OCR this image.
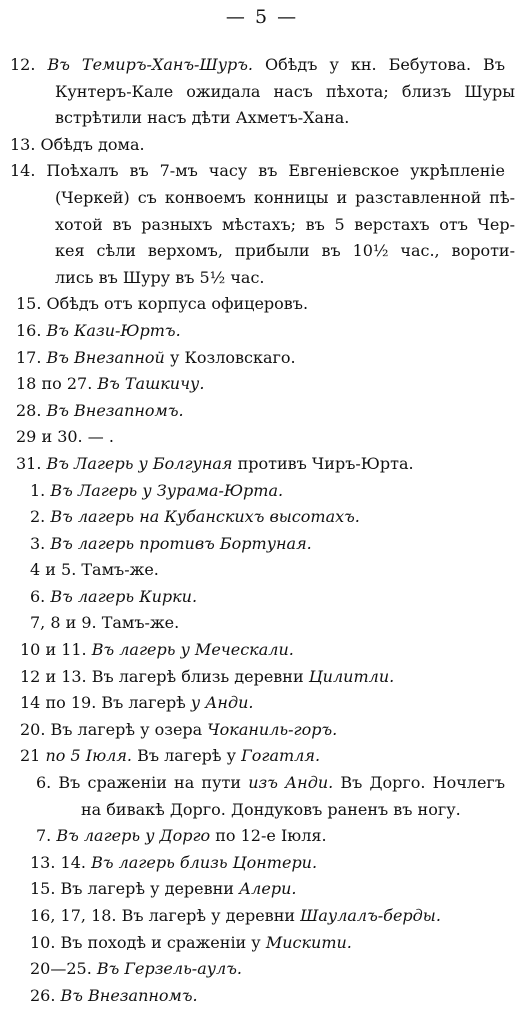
— 5 —
12. Въ Темиръ-Ханъ-Шуръ. Обѣдъ у кн. Бебутова. Въ
Кунтеръ-Кале ожидала насъ пѣхота; близъ Шуры
встрѣтили насъ дѣти Ахметъ-Хана.
13. Обѣдъ дома.
14. Поѣхалъ въ 7-мъ часу въ Евгеніевское укрѣпленіе
(Черкей) съ конвоемъ конницы и разставленной пѣ-
хотой въ разныхъ мѣстахъ; въ 5 верстахъ отъ Чер-
кея сѣли верхомъ, прибыли въ 10½ час., вороти-
лись въ Шуру въ 5½ час.
15. Обѣдъ отъ корпуса офицеровъ.
16. Въ Кази-Юртъ.
17. Въ Внезапной у Козловскаго.
18 по 27. Въ Ташкичу.
28. Въ Внезапномъ.
29 и 30. — .
31. Въ Лагерь у Болгуная противъ Чиръ-Юрта.
1. Въ Лагерь у Зурама-Юрта.
2. Въ лагерь на Кубанскихъ высотахъ.
3. Въ лагерь противъ Бортуная.
4 и 5. Тамъ-же.
6. Въ лагерь Кирки.
7, 8 и 9. Тамъ-же.
10 и 11. Въ лагерь у Меческали.
12 и 13. Въ лагерѣ близь деревни Цилитли.
14 по 19. Въ лагерѣ у Анди.
20. Въ лагерѣ у озера Чоканиль-горъ.
21 по 5 Іюля. Въ лагерѣ у Гогатля.
6. Въ сраженіи на пути изъ Анди. Въ Дорго. Ночлегъ
на бивакѣ Дорго. Дондуковъ раненъ въ ногу.
7. Въ лагерь у Дорго по 12-е Іюля.
13. 14. Въ лагерь близь Цонтери.
15. Въ лагерѣ у деревни Алери.
16, 17, 18. Въ лагерѣ у деревни Шаулалъ-берды.
10. Въ походѣ и сраженіи у Мискити.
20—25. Въ Герзель-аулъ.
26. Въ Внезапномъ.
